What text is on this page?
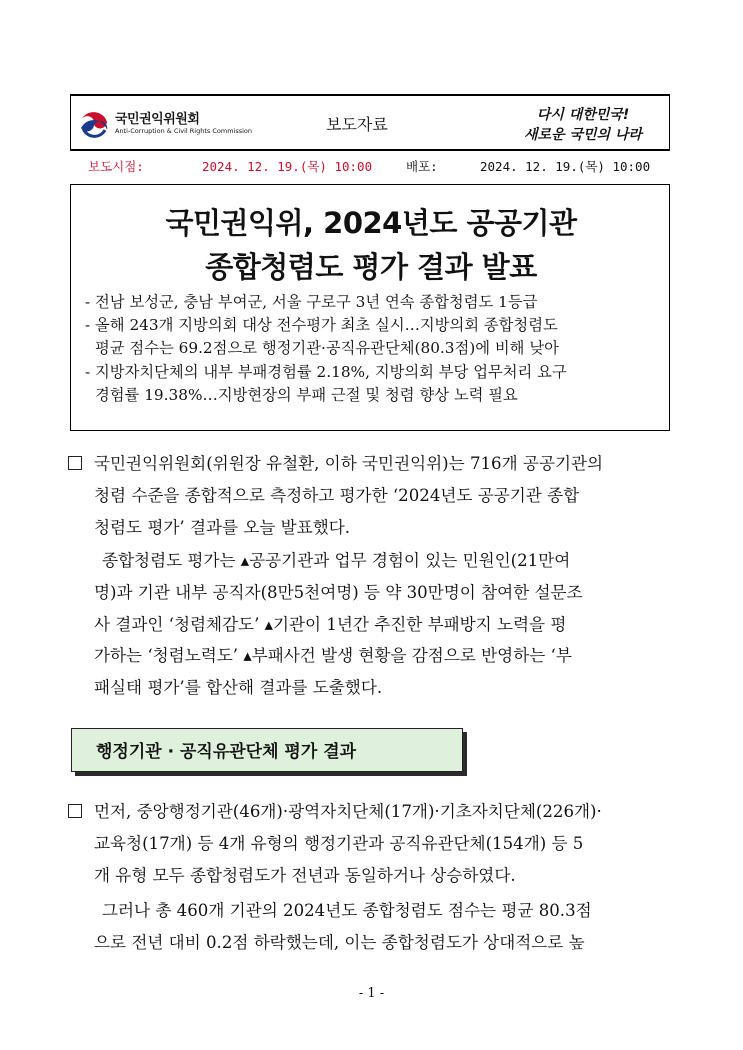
국민권익위원회
Anti-Corruption & Civil Rights Commission	보도자료	다시 대한민국!
새로운 국민의 나라
보도시점:	2024. 12. 19.(목) 10:00	배포:	2024. 12. 19.(목) 10:00
국민권익위, 2024년도 공공기관
종합청렴도 평가 결과 발표
- 전남 보성군, 충남 부여군, 서울 구로구 3년 연속 종합청렴도 1등급
- 올해 243개 지방의회 대상 전수평가 최초 실시…지방의회 종합청렴도
평균 점수는 69.2점으로 행정기관·공직유관단체(80.3점)에 비해 낮아
- 지방자치단체의 내부 부패경험률 2.18%, 지방의회 부당 업무처리 요구
경험률 19.38%…지방현장의 부패 근절 및 청렴 향상 노력 필요
국민권익위원회(위원장 유철환, 이하 국민권익위)는 716개 공공기관의
청렴 수준을 종합적으로 측정하고 평가한 ‘2024년도 공공기관 종합
청렴도 평가’ 결과를 오늘 발표했다.
종합청렴도 평가는 ▴공공기관과 업무 경험이 있는 민원인(21만여
명)과 기관 내부 공직자(8만5천여명) 등 약 30만명이 참여한 설문조
사 결과인 ‘청렴체감도’ ▴기관이 1년간 추진한 부패방지 노력을 평
가하는 ‘청렴노력도’ ▴부패사건 발생 현황을 감점으로 반영하는 ‘부
패실태 평가’를 합산해 결과를 도출했다.
행정기관 · 공직유관단체 평가 결과
먼저, 중앙행정기관(46개)·광역자치단체(17개)·기초자치단체(226개)·
교육청(17개) 등 4개 유형의 행정기관과 공직유관단체(154개) 등 5
개 유형 모두 종합청렴도가 전년과 동일하거나 상승하였다.
그러나 총 460개 기관의 2024년도 종합청렴도 점수는 평균 80.3점
으로 전년 대비 0.2점 하락했는데, 이는 종합청렴도가 상대적으로 높
- 1 -
